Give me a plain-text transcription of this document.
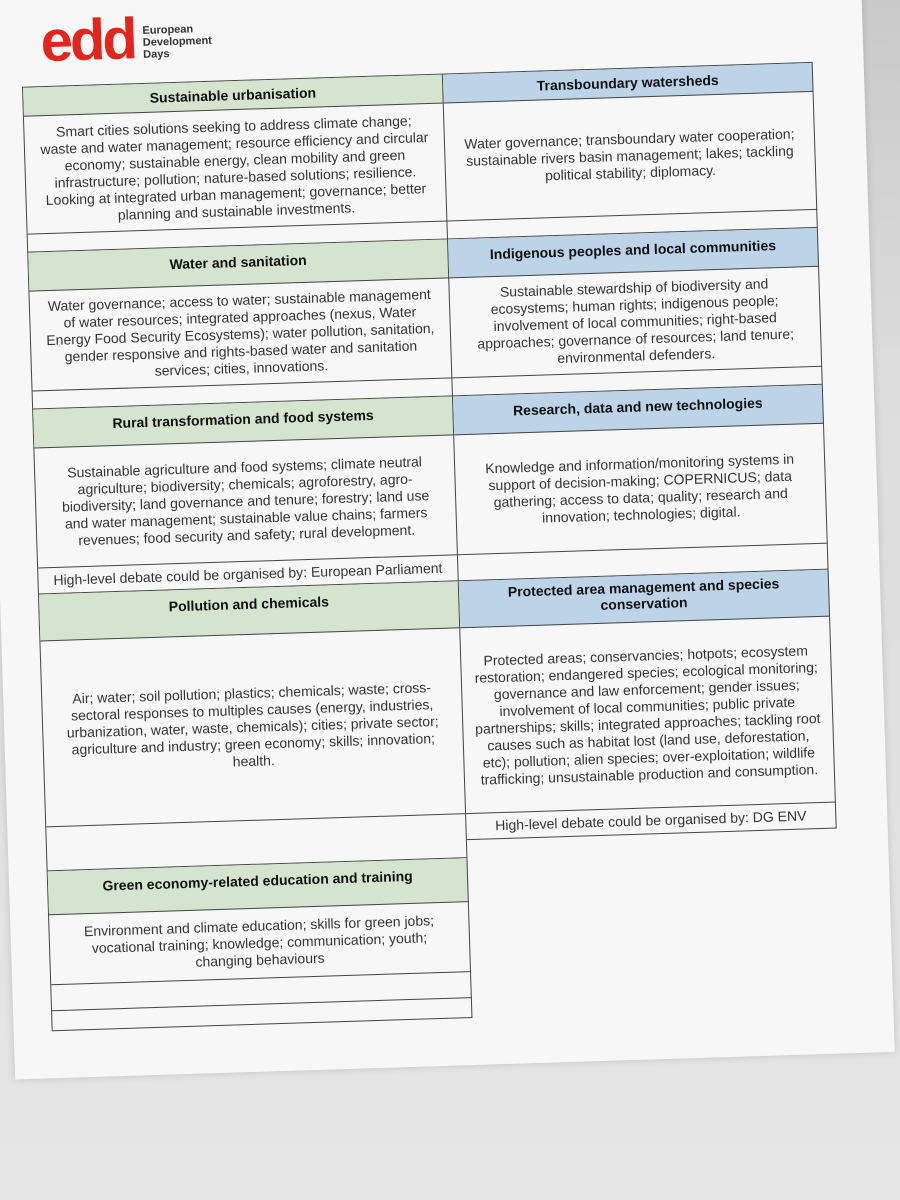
edd European
Development
Days
Sustainable urbanisation
Transboundary watersheds
Smart cities solutions seeking to address climate change; waste and water management; resource efficiency and circular economy; sustainable energy, clean mobility and green infrastructure; pollution; nature-based solutions; resilience. Looking at integrated urban management; governance; better planning and sustainable investments.
Water governance; transboundary water cooperation; sustainable rivers basin management; lakes; tackling political stability; diplomacy.
Water and sanitation	Indigenous peoples and local communities
Water governance; access to water; sustainable management of water resources; integrated approaches (nexus, Water Energy Food Security Ecosystems); water pollution, sanitation, gender responsive and rights-based water and sanitation services; cities, innovations.
Sustainable stewardship of biodiversity and ecosystems; human rights; indigenous people; involvement of local communities; right-based approaches; governance of resources; land tenure; environmental defenders.
Rural transformation and food systems
Research, data and new technologies
Sustainable agriculture and food systems; climate neutral agriculture; biodiversity; chemicals; agroforestry, agro-biodiversity; land governance and tenure; forestry; land use and water management; sustainable value chains; farmers revenues; food security and safety; rural development.
Knowledge and information/monitoring systems in support of decision-making; COPERNICUS; data gathering; access to data; quality; research and innovation; technologies; digital.
High-level debate could be organised by: European Parliament
Pollution and chemicals
Protected area management and species conservation
Air; water; soil pollution; plastics; chemicals; waste; cross-sectoral responses to multiples causes (energy, industries, urbanization, water, waste, chemicals); cities; private sector; agriculture and industry; green economy; skills; innovation; health.
Protected areas; conservancies; hotpots; ecosystem restoration; endangered species; ecological monitoring; governance and law enforcement; gender issues; involvement of local communities; public private partnerships; skills; integrated approaches; tackling root causes such as habitat lost (land use, deforestation, etc); pollution; alien species; over-exploitation; wildlife trafficking; unsustainable production and consumption.
High-level debate could be organised by: DG ENV
Green economy-related education and training
Environment and climate education; skills for green jobs; vocational training; knowledge; communication; youth; changing behaviours
